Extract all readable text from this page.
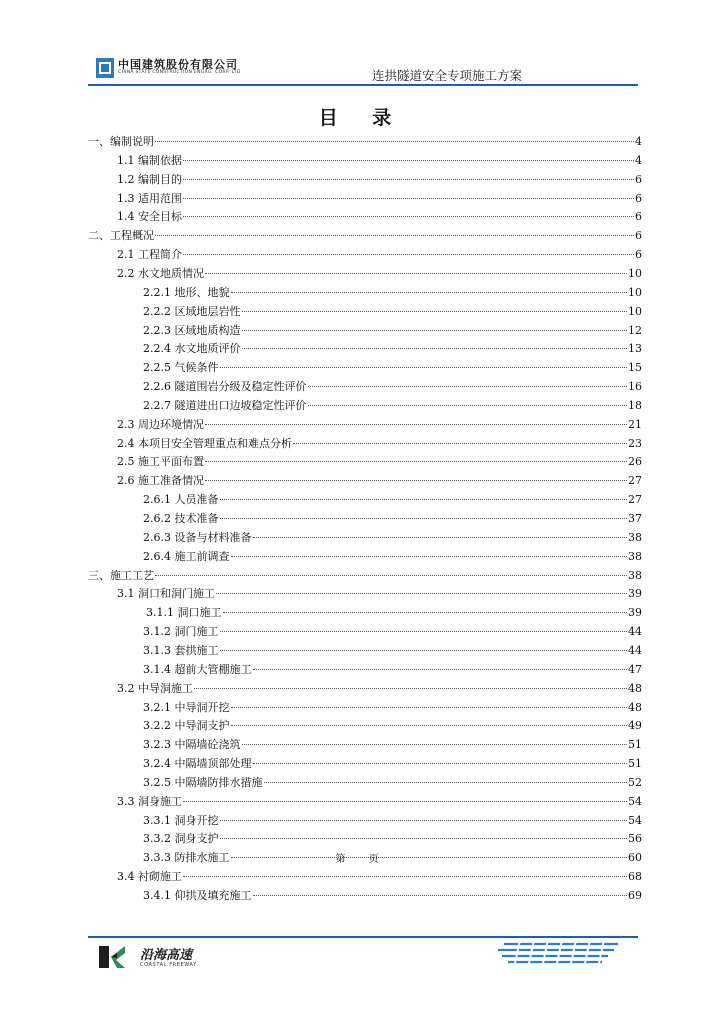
中国建筑股份有限公司
CHINA STATE CONSTRUCTION ENGRG. CORP. LTD	连拱隧道安全专项施工方案
目 录
一、编制说明	4
1.1 编制依据	4
1.2 编制目的	6
1.3 适用范围	6
1.4 安全目标	6
二、工程概况	6
2.1 工程简介	6
2.2 水文地质情况	10
2.2.1 地形、地貌	10
2.2.2 区域地层岩性	10
2.2.3 区域地质构造	12
2.2.4 水文地质评价	13
2.2.5 气候条件	15
2.2.6 隧道围岩分级及稳定性评价	16
2.2.7 隧道进出口边坡稳定性评价	18
2.3 周边环境情况	21
2.4 本项目安全管理重点和难点分析	23
2.5 施工平面布置	26
2.6 施工准备情况	27
2.6.1 人员准备	27
2.6.2 技术准备	37
2.6.3 设备与材料准备	38
2.6.4 施工前调查	38
三、施工工艺	38
3.1 洞口和洞门施工	39
3.1.1 洞口施工	39
3.1.2 洞门施工	44
3.1.3 套拱施工	44
3.1.4 超前大管棚施工	47
3.2 中导洞施工	48
3.2.1 中导洞开挖	48
3.2.2 中导洞支护	49
3.2.3 中隔墙砼浇筑	51
3.2.4 中隔墙顶部处理	51
3.2.5 中隔墙防排水措施	52
3.3 洞身施工	54
3.3.1 洞身开挖	54
3.3.2 洞身支护	56
3.3.3 防排水施工	60
3.4 衬砌施工	68
3.4.1 仰拱及填充施工	69
第 页
沿海高速
COASTAL FREEWAY
